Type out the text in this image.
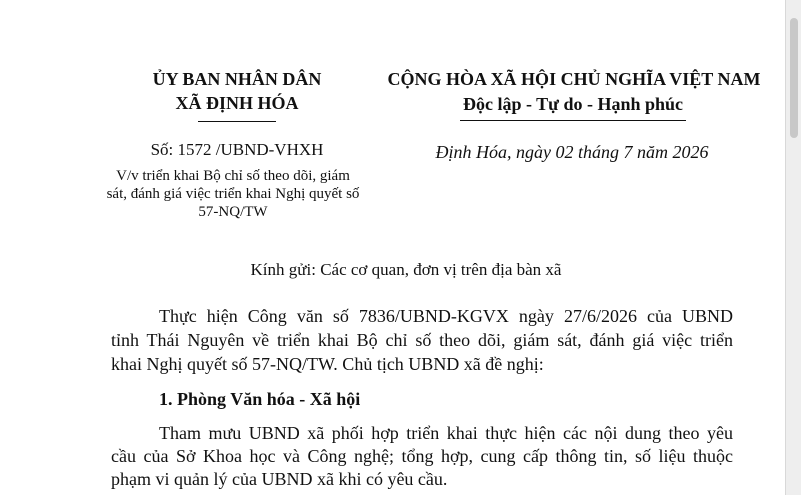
ỦY BAN NHÂN DÂN
XÃ ĐỊNH HÓA
Số: 1572 /UBND-VHXH
V/v triển khai Bộ chỉ số theo dõi, giám
sát, đánh giá việc triển khai Nghị quyết số
57-NQ/TW
CỘNG HÒA XÃ HỘI CHỦ NGHĨA VIỆT NAM
Độc lập - Tự do - Hạnh phúc
Định Hóa, ngày 02 tháng 7 năm 2026
Kính gửi: Các cơ quan, đơn vị trên địa bàn xã
Thực hiện Công văn số 7836/UBND-KGVX ngày 27/6/2026 của UBND
tỉnh Thái Nguyên về triển khai Bộ chỉ số theo dõi, giám sát, đánh giá việc triển
khai Nghị quyết số 57-NQ/TW. Chủ tịch UBND xã đề nghị:
1. Phòng Văn hóa - Xã hội
Tham mưu UBND xã phối hợp triển khai thực hiện các nội dung theo yêu
cầu của Sở Khoa học và Công nghệ; tổng hợp, cung cấp thông tin, số liệu thuộc
phạm vi quản lý của UBND xã khi có yêu cầu.
